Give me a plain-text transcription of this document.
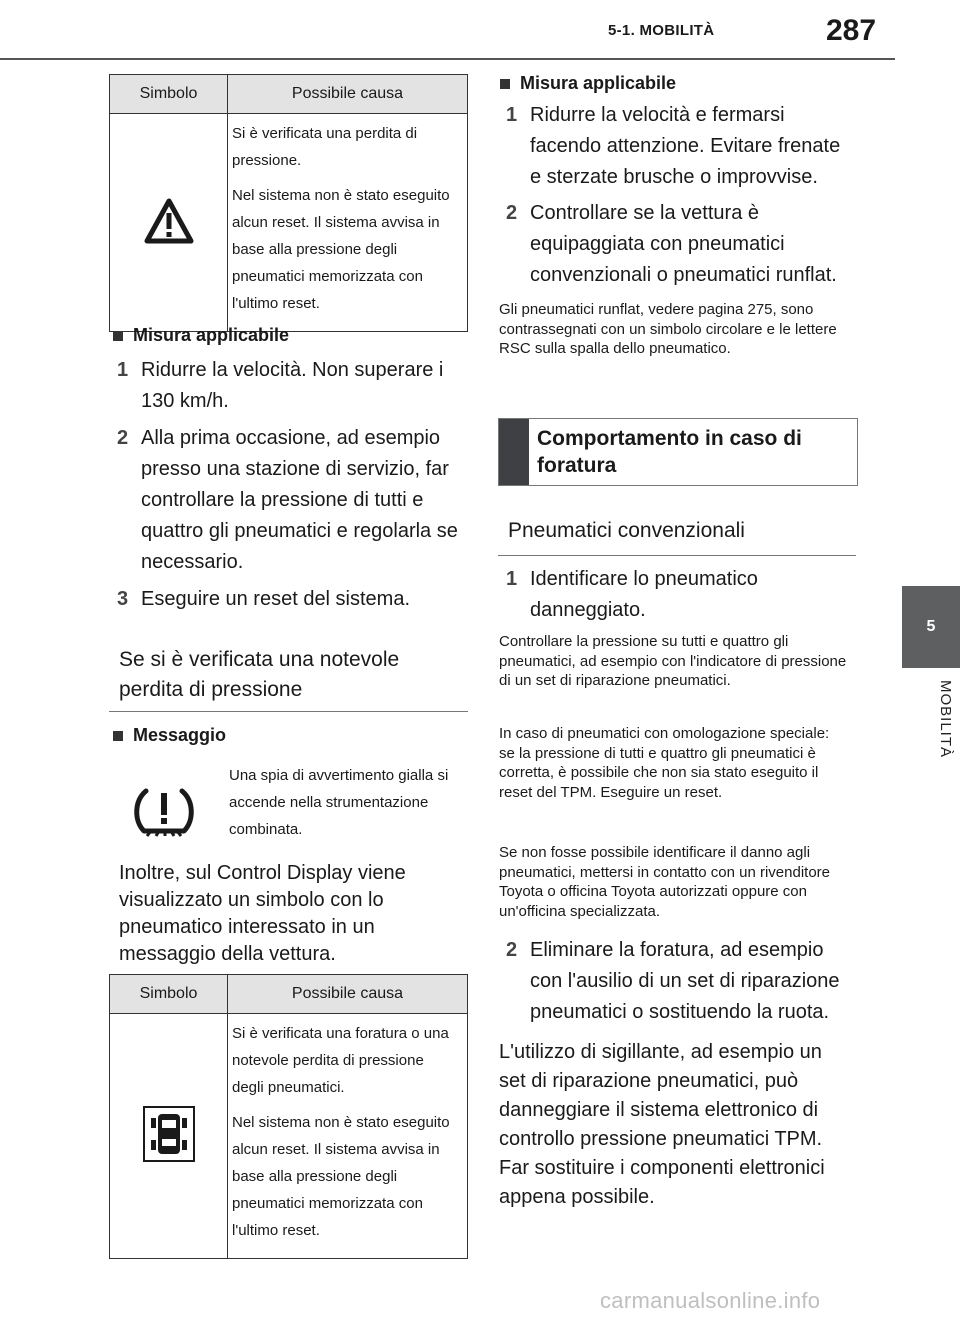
5-1. MOBILITÀ	287
5
MOBILITÀ
Simbolo	Possibile causa

Si è verificata una perdita di pressione.

Nel sistema non è stato eseguito alcun reset. Il sistema avvisa in base alla pressione degli pneumatici memorizzata con l'ultimo reset.

Misura applicabile
1 Ridurre la velocità. Non superare i 130 km/h.
2 Alla prima occasione, ad esempio presso una stazione di servizio, far controllare la pressione di tutti e quattro gli pneumatici e regolarla se necessario.
3 Eseguire un reset del sistema.
Se si è verificata una notevole perdita di pressione
Messaggio
Una spia di avvertimento gialla si accende nella strumentazione combinata.
Inoltre, sul Control Display viene visualizzato un simbolo con lo pneumatico interessato in un messaggio della vettura.
Simbolo	Possibile causa

Si è verificata una foratura o una notevole perdita di pressione degli pneumatici.

Nel sistema non è stato eseguito alcun reset. Il sistema avvisa in base alla pressione degli pneumatici memorizzata con l'ultimo reset.

Misura applicabile
1 Ridurre la velocità e fermarsi facendo attenzione. Evitare frenate e sterzate brusche o improvvise.
2 Controllare se la vettura è equipaggiata con pneumatici convenzionali o pneumatici runflat.
Gli pneumatici runflat, vedere pagina 275, sono contrassegnati con un simbolo circolare e le lettere RSC sulla spalla dello pneumatico.
Comportamento in caso di foratura
Pneumatici convenzionali
1 Identificare lo pneumatico danneggiato.
Controllare la pressione su tutti e quattro gli pneumatici, ad esempio con l'indicatore di pressione di un set di riparazione pneumatici.
In caso di pneumatici con omologazione speciale: se la pressione di tutti e quattro gli pneumatici è corretta, è possibile che non sia stato eseguito il reset del TPM. Eseguire un reset.
Se non fosse possibile identificare il danno agli pneumatici, mettersi in contatto con un rivenditore Toyota o officina Toyota autorizzati oppure con un'officina specializzata.
2 Eliminare la foratura, ad esempio con l'ausilio di un set di riparazione pneumatici o sostituendo la ruota.
L'utilizzo di sigillante, ad esempio un set di riparazione pneumatici, può danneggiare il sistema elettronico di controllo pressione pneumatici TPM. Far sostituire i componenti elettronici appena possibile.
carmanualsonline.info
